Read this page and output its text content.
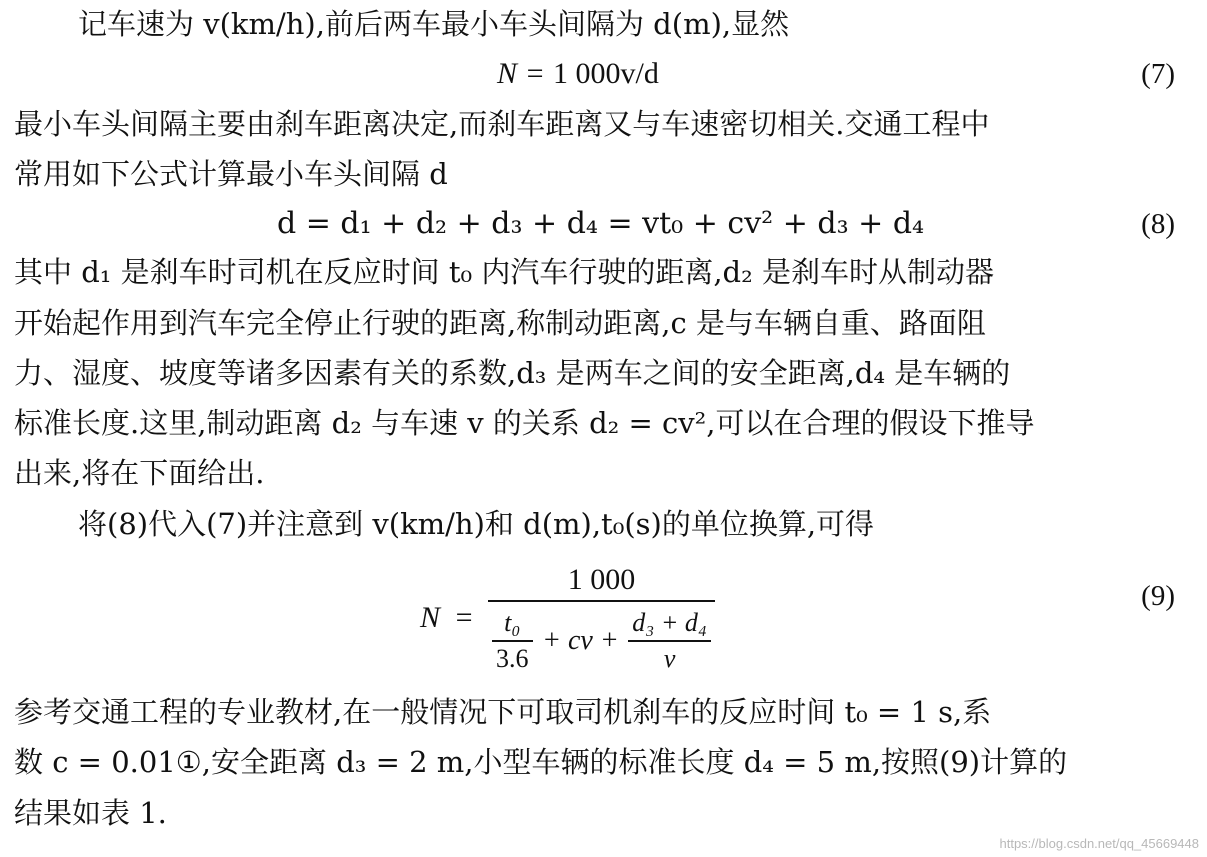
记车速为 v(km/h),前后两车最小车头间隔为 d(m),显然
N = 1 000v/d	(7)
最小车头间隔主要由刹车距离决定,而刹车距离又与车速密切相关.交通工程中
常用如下公式计算最小车头间隔 d
d = d₁ + d₂ + d₃ + d₄ = vt₀ + cv² + d₃ + d₄	(8)
其中 d₁ 是刹车时司机在反应时间 t₀ 内汽车行驶的距离,d₂ 是刹车时从制动器
开始起作用到汽车完全停止行驶的距离,称制动距离,c 是与车辆自重、路面阻
力、湿度、坡度等诸多因素有关的系数,d₃ 是两车之间的安全距离,d₄ 是车辆的
标准长度.这里,制动距离 d₂ 与车速 v 的关系 d₂ = cv²,可以在合理的假设下推导
出来,将在下面给出.
将(8)代入(7)并注意到 v(km/h)和 d(m),t₀(s)的单位换算,可得
N =
1 000
$\frac{\text{t₀}}{3.6}$ + cv + $\frac{\text{d₃ + d₄}}{v}$
(9)
参考交通工程的专业教材,在一般情况下可取司机刹车的反应时间 t₀ = 1 s,系
数 c = 0.01①,安全距离 d₃ = 2 m,小型车辆的标准长度 d₄ = 5 m,按照(9)计算的
结果如表 1.
https://blog.csdn.net/qq_45669448
